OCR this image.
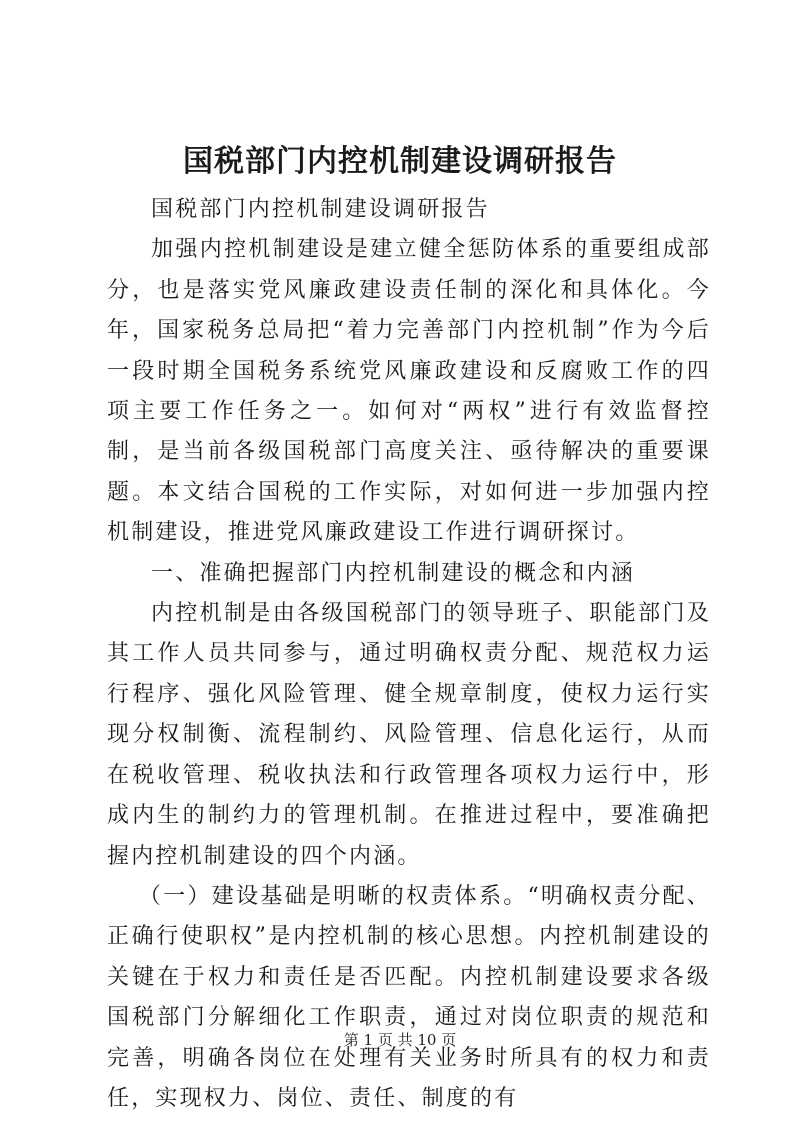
国税部门内控机制建设调研报告

国税部门内控机制建设调研报告

加强内控机制建设是建立健全惩防体系的重要组成部分，也是落实党风廉政建设责任制的深化和具体化。今年，国家税务总局把“着力完善部门内控机制”作为今后一段时期全国税务系统党风廉政建设和反腐败工作的四项主要工作任务之一。如何对“两权”进行有效监督控制，是当前各级国税部门高度关注、亟待解决的重要课题。本文结合国税的工作实际，对如何进一步加强内控机制建设，推进党风廉政建设工作进行调研探讨。

一、准确把握部门内控机制建设的概念和内涵

内控机制是由各级国税部门的领导班子、职能部门及其工作人员共同参与，通过明确权责分配、规范权力运行程序、强化风险管理、健全规章制度，使权力运行实现分权制衡、流程制约、风险管理、信息化运行，从而在税收管理、税收执法和行政管理各项权力运行中，形成内生的制约力的管理机制。在推进过程中，要准确把握内控机制建设的四个内涵。

（一）建设基础是明晰的权责体系。“明确权责分配、正确行使职权”是内控机制的核心思想。内控机制建设的关键在于权力和责任是否匹配。内控机制建设要求各级国税部门分解细化工作职责，通过对岗位职责的规范和完善，明确各岗位在处理有关业务时所具有的权力和责任，实现权力、岗位、责任、制度的有

第 1 页 共 10 页
